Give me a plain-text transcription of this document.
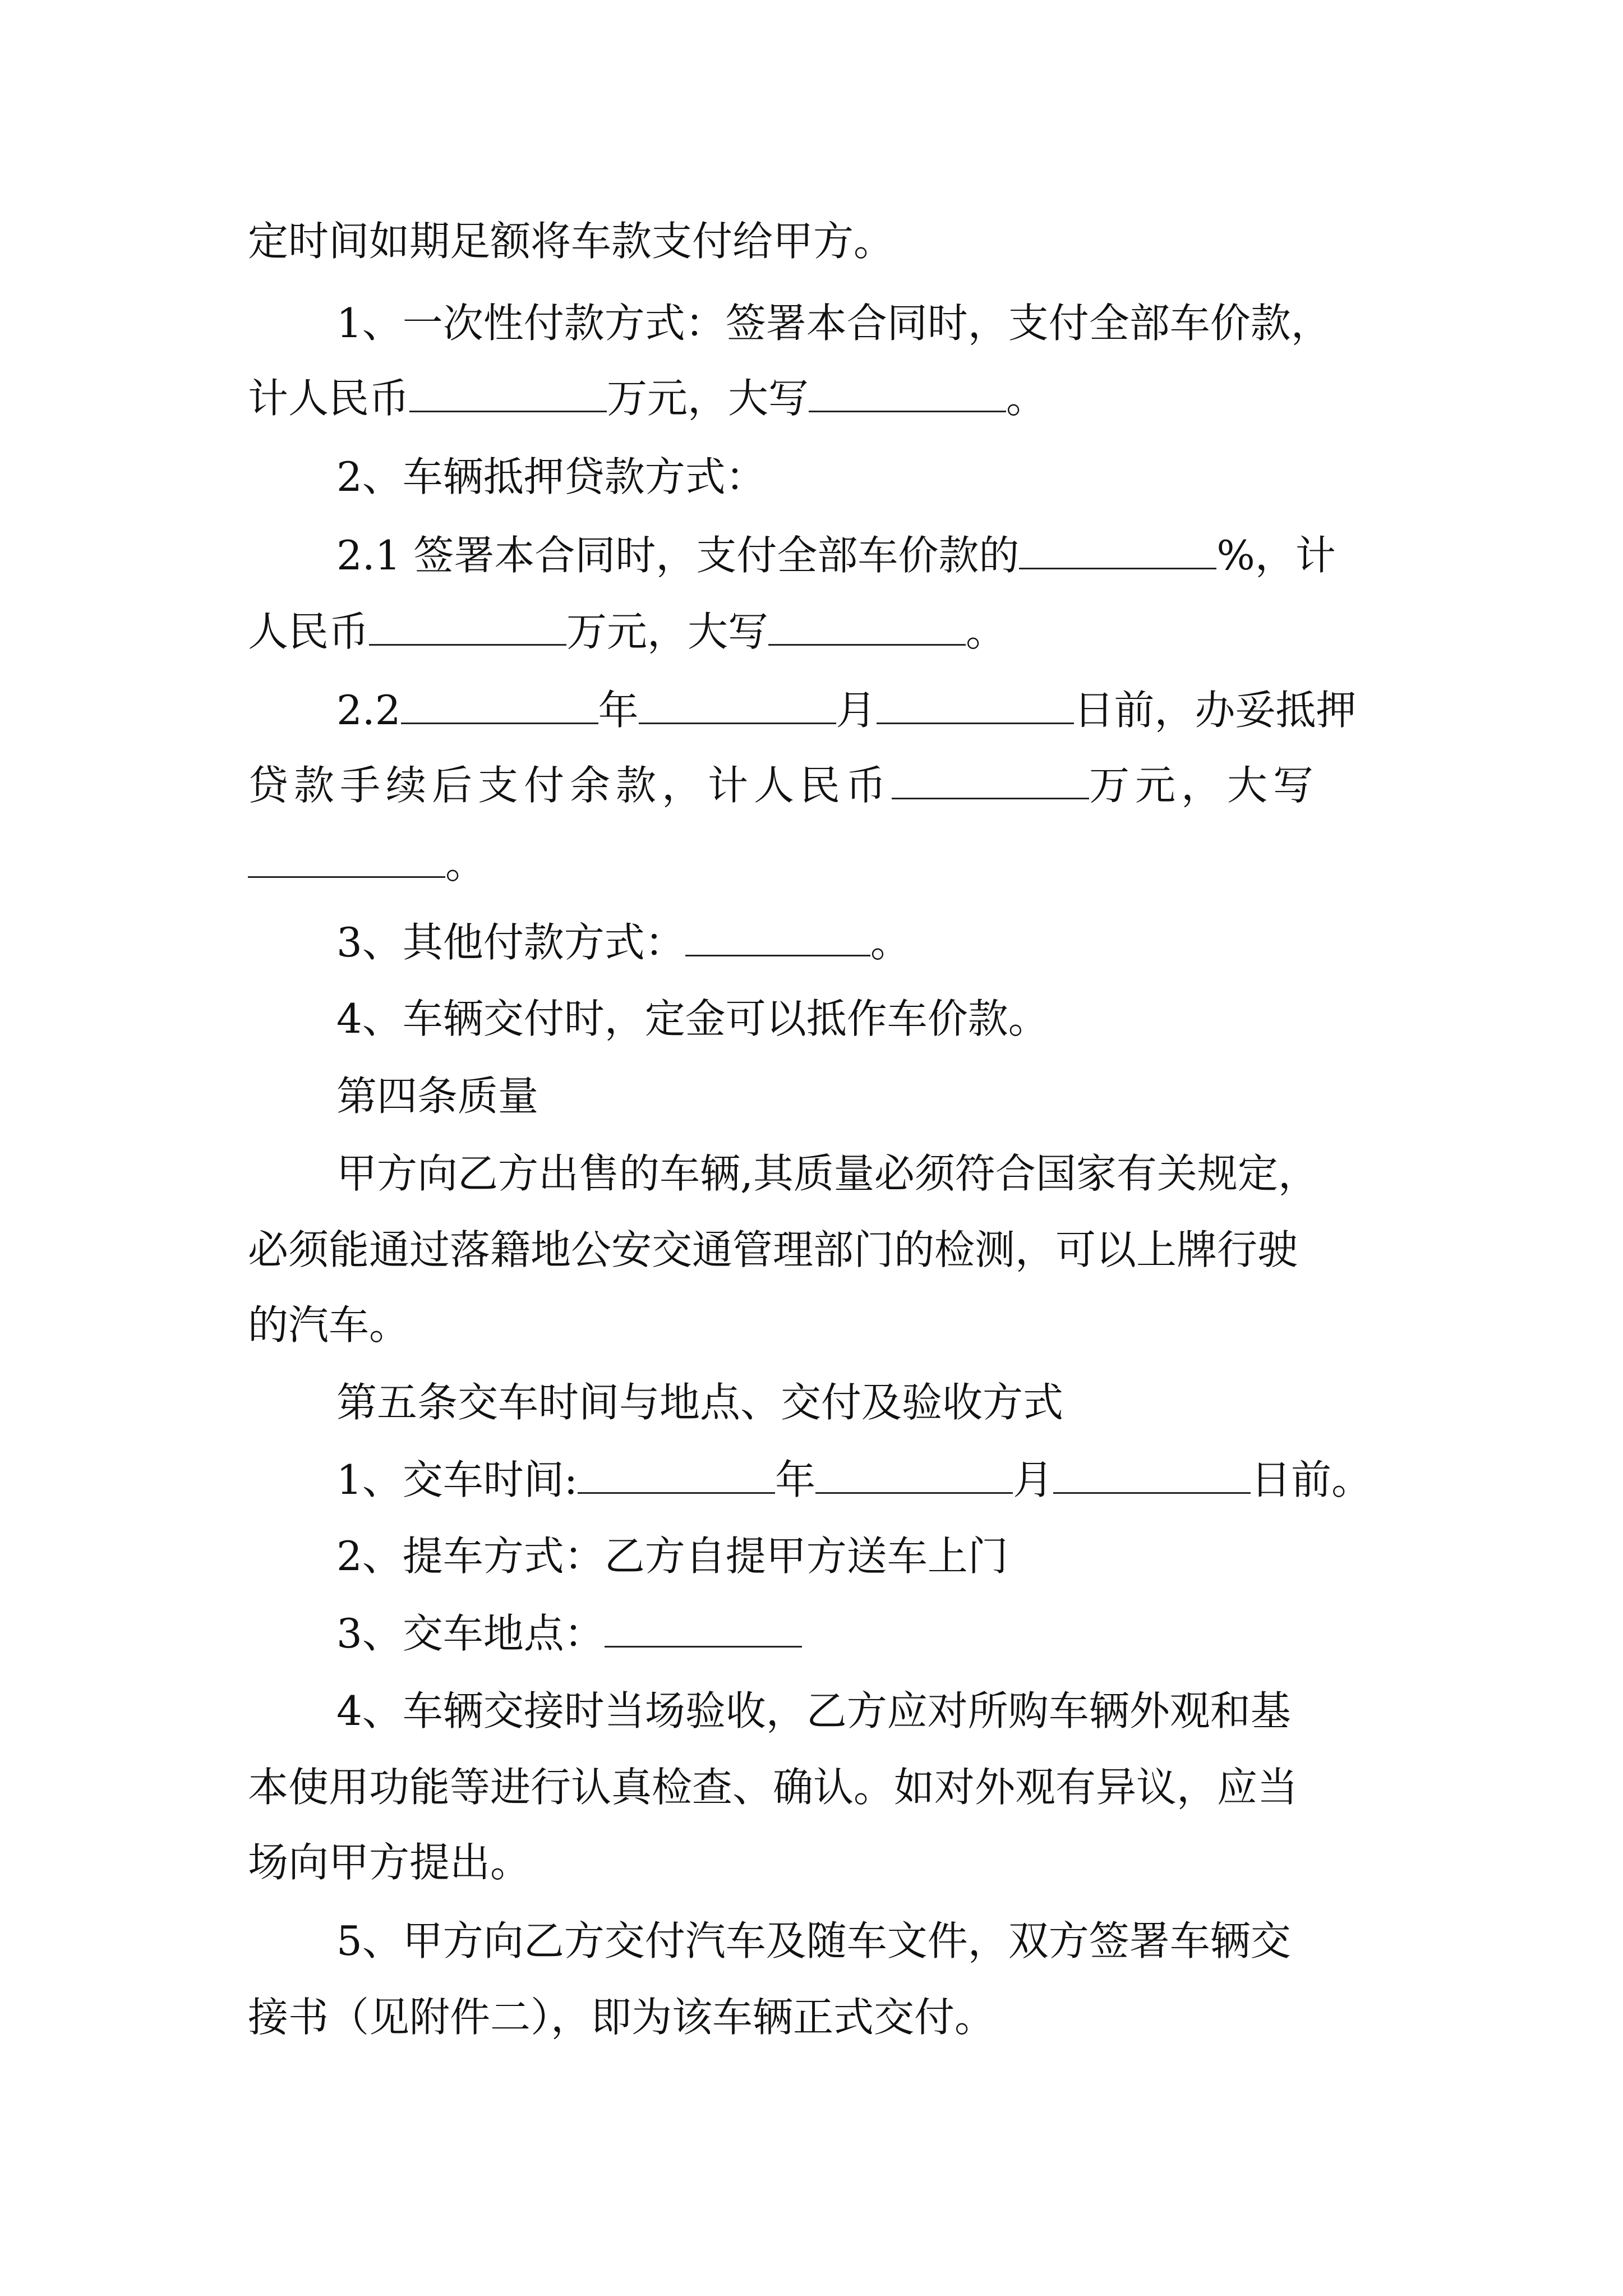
定时间如期足额将车款支付给甲方。
1、一次性付款方式：签署本合同时，支付全部车价款，
计人民币	万元，大写	。
2、车辆抵押贷款方式：
2.1 签署本合同时，支付全部车价款的	%，计
人民币	万元，大写	。
2.2	年	月	日前，办妥抵押
贷款手续后支付余款，计人民币	万元，大写
。
3、其他付款方式：	。
4、车辆交付时，定金可以抵作车价款。
第四条质量
甲方向乙方出售的车辆,其质量必须符合国家有关规定，
必须能通过落籍地公安交通管理部门的检测，可以上牌行驶
的汽车。
第五条交车时间与地点、交付及验收方式
1、交车时间:	年	月	日前。
2、提车方式：乙方自提甲方送车上门
3、交车地点：
4、车辆交接时当场验收，乙方应对所购车辆外观和基
本使用功能等进行认真检查、确认。如对外观有异议，应当
场向甲方提出。
5、甲方向乙方交付汽车及随车文件，双方签署车辆交
接书（见附件二），即为该车辆正式交付。
